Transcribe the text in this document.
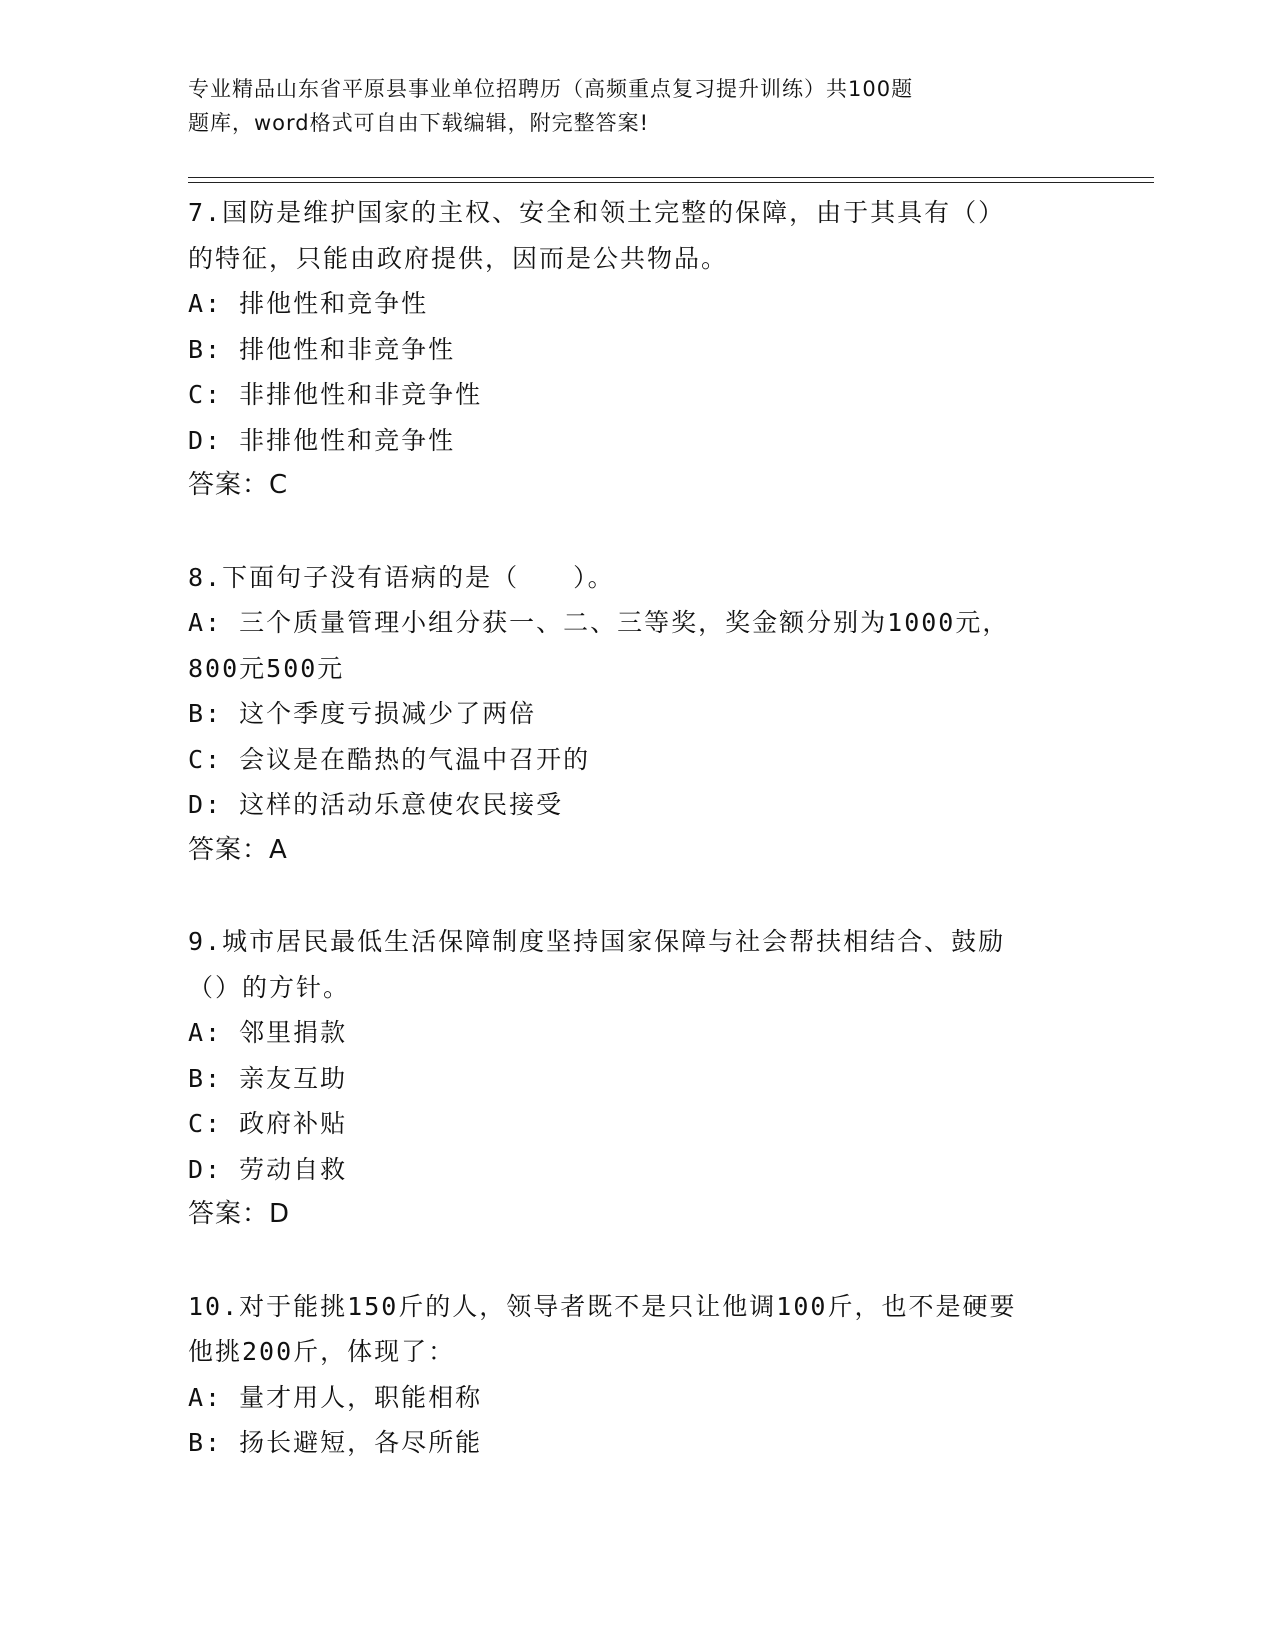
专业精品山东省平原县事业单位招聘历（高频重点复习提升训练）共100题
题库，word格式可自由下载编辑，附完整答案!
7.国防是维护国家的主权、安全和领土完整的保障，由于其具有（）
的特征，只能由政府提供，因而是公共物品。
A: 排他性和竞争性
B: 排他性和非竞争性
C: 非排他性和非竞争性
D: 非排他性和竞争性
答案：C
8.下面句子没有语病的是（　　）。
A: 三个质量管理小组分获一、二、三等奖，奖金额分别为1000元，
800元500元
B: 这个季度亏损减少了两倍
C: 会议是在酷热的气温中召开的
D: 这样的活动乐意使农民接受
答案：A
9.城市居民最低生活保障制度坚持国家保障与社会帮扶相结合、鼓励
（）的方针。
A: 邻里捐款
B: 亲友互助
C: 政府补贴
D: 劳动自救
答案：D
10.对于能挑150斤的人，领导者既不是只让他调100斤，也不是硬要
他挑200斤，体现了：
A: 量才用人，职能相称
B: 扬长避短，各尽所能
